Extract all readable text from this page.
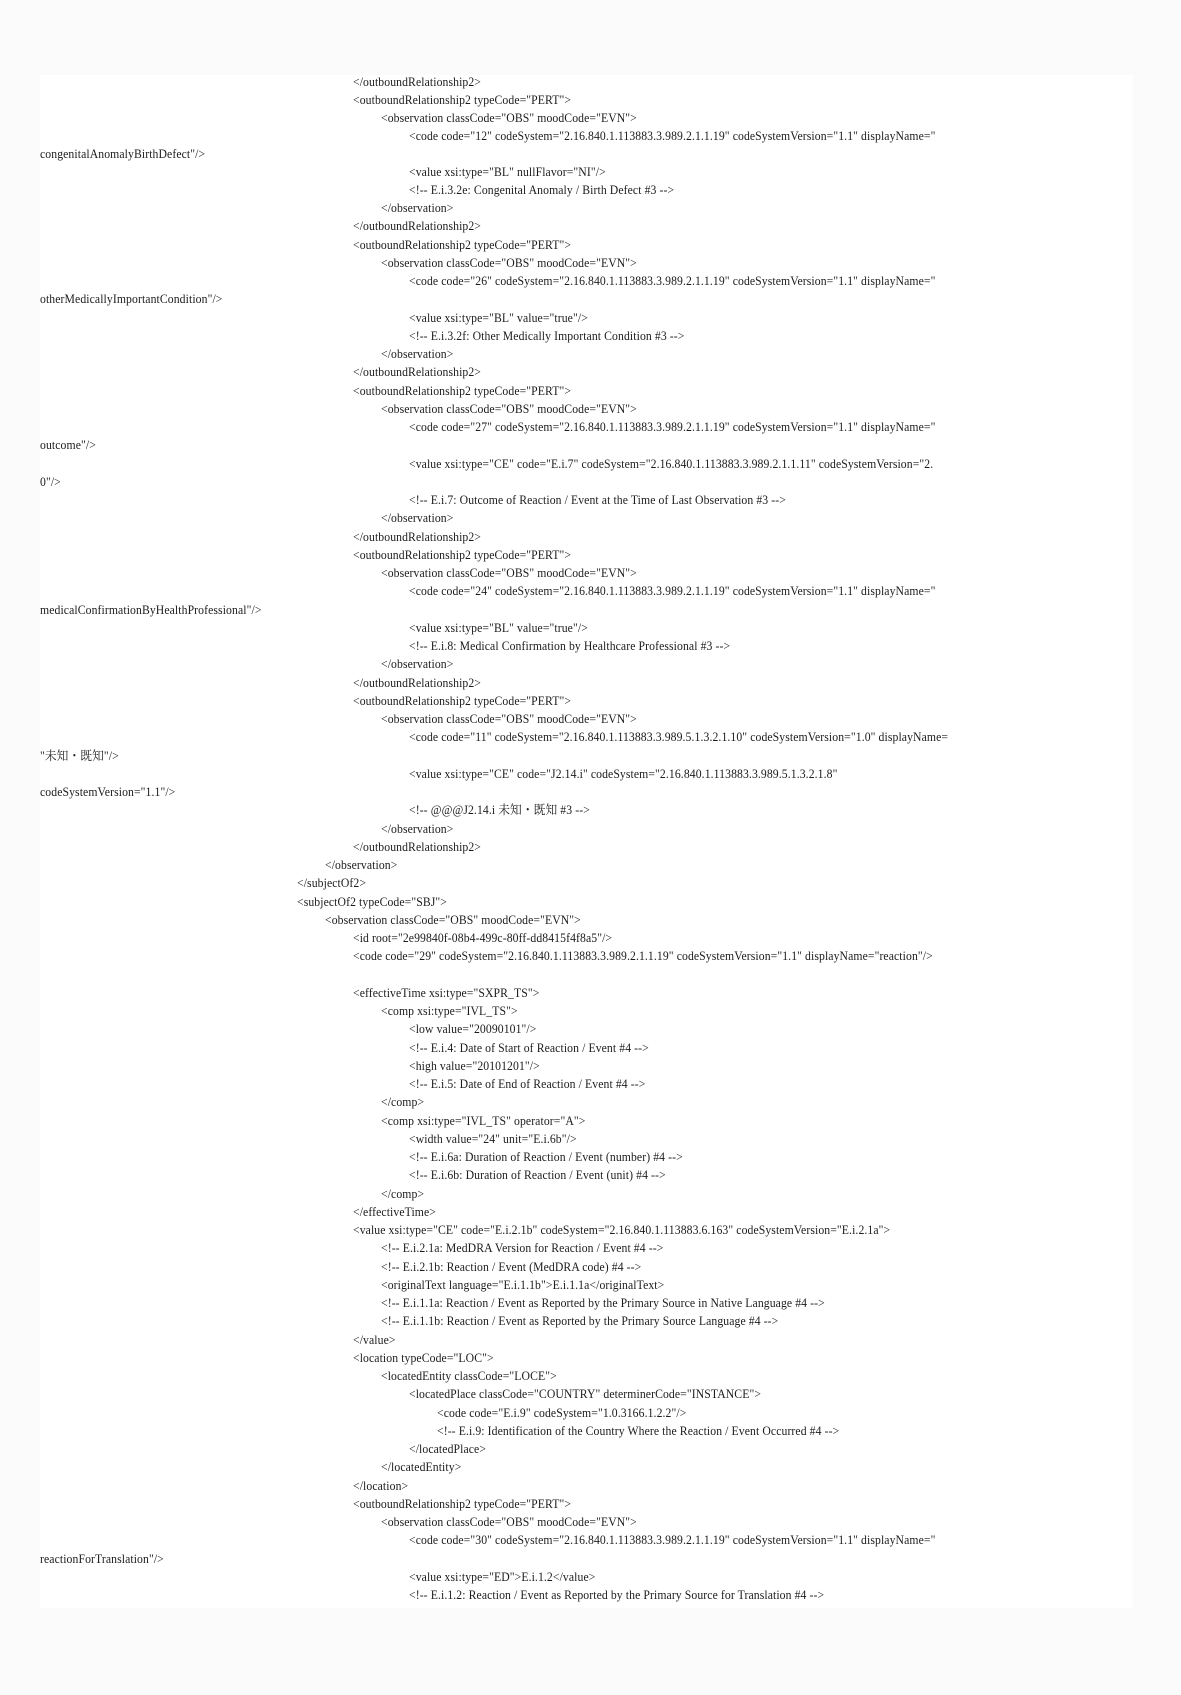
</outboundRelationship2>
<outboundRelationship2 typeCode="PERT">
<observation classCode="OBS" moodCode="EVN">
<code code="12" codeSystem="2.16.840.1.113883.3.989.2.1.1.19" codeSystemVersion="1.1" displayName="
congenitalAnomalyBirthDefect"/>
<value xsi:type="BL" nullFlavor="NI"/>
<!-- E.i.3.2e: Congenital Anomaly / Birth Defect #3 -->
</observation>
</outboundRelationship2>
<outboundRelationship2 typeCode="PERT">
<observation classCode="OBS" moodCode="EVN">
<code code="26" codeSystem="2.16.840.1.113883.3.989.2.1.1.19" codeSystemVersion="1.1" displayName="
otherMedicallyImportantCondition"/>
<value xsi:type="BL" value="true"/>
<!-- E.i.3.2f: Other Medically Important Condition #3 -->
</observation>
</outboundRelationship2>
<outboundRelationship2 typeCode="PERT">
<observation classCode="OBS" moodCode="EVN">
<code code="27" codeSystem="2.16.840.1.113883.3.989.2.1.1.19" codeSystemVersion="1.1" displayName="
outcome"/>
<value xsi:type="CE" code="E.i.7" codeSystem="2.16.840.1.113883.3.989.2.1.1.11" codeSystemVersion="2.
0"/>
<!-- E.i.7: Outcome of Reaction / Event at the Time of Last Observation #3 -->
</observation>
</outboundRelationship2>
<outboundRelationship2 typeCode="PERT">
<observation classCode="OBS" moodCode="EVN">
<code code="24" codeSystem="2.16.840.1.113883.3.989.2.1.1.19" codeSystemVersion="1.1" displayName="
medicalConfirmationByHealthProfessional"/>
<value xsi:type="BL" value="true"/>
<!-- E.i.8: Medical Confirmation by Healthcare Professional #3 -->
</observation>
</outboundRelationship2>
<outboundRelationship2 typeCode="PERT">
<observation classCode="OBS" moodCode="EVN">
<code code="11" codeSystem="2.16.840.1.113883.3.989.5.1.3.2.1.10" codeSystemVersion="1.0" displayName=
"未知・既知"/>
<value xsi:type="CE" code="J2.14.i" codeSystem="2.16.840.1.113883.3.989.5.1.3.2.1.8"
codeSystemVersion="1.1"/>
<!-- @@@J2.14.i 未知・既知 #3 -->
</observation>
</outboundRelationship2>
</observation>
</subjectOf2>
<subjectOf2 typeCode="SBJ">
<observation classCode="OBS" moodCode="EVN">
<id root="2e99840f-08b4-499c-80ff-dd8415f4f8a5"/>
<code code="29" codeSystem="2.16.840.1.113883.3.989.2.1.1.19" codeSystemVersion="1.1" displayName="reaction"/>
<effectiveTime xsi:type="SXPR_TS">
<comp xsi:type="IVL_TS">
<low value="20090101"/>
<!-- E.i.4: Date of Start of Reaction / Event #4 -->
<high value="20101201"/>
<!-- E.i.5: Date of End of Reaction / Event #4 -->
</comp>
<comp xsi:type="IVL_TS" operator="A">
<width value="24" unit="E.i.6b"/>
<!-- E.i.6a: Duration of Reaction / Event (number) #4 -->
<!-- E.i.6b: Duration of Reaction / Event (unit) #4 -->
</comp>
</effectiveTime>
<value xsi:type="CE" code="E.i.2.1b" codeSystem="2.16.840.1.113883.6.163" codeSystemVersion="E.i.2.1a">
<!-- E.i.2.1a: MedDRA Version for Reaction / Event #4 -->
<!-- E.i.2.1b: Reaction / Event (MedDRA code) #4 -->
<originalText language="E.i.1.1b">E.i.1.1a</originalText>
<!-- E.i.1.1a: Reaction / Event as Reported by the Primary Source in Native Language #4 -->
<!-- E.i.1.1b: Reaction / Event as Reported by the Primary Source Language #4 -->
</value>
<location typeCode="LOC">
<locatedEntity classCode="LOCE">
<locatedPlace classCode="COUNTRY" determinerCode="INSTANCE">
<code code="E.i.9" codeSystem="1.0.3166.1.2.2"/>
<!-- E.i.9: Identification of the Country Where the Reaction / Event Occurred #4 -->
</locatedPlace>
</locatedEntity>
</location>
<outboundRelationship2 typeCode="PERT">
<observation classCode="OBS" moodCode="EVN">
<code code="30" codeSystem="2.16.840.1.113883.3.989.2.1.1.19" codeSystemVersion="1.1" displayName="
reactionForTranslation"/>
<value xsi:type="ED">E.i.1.2</value>
<!-- E.i.1.2: Reaction / Event as Reported by the Primary Source for Translation #4 -->
